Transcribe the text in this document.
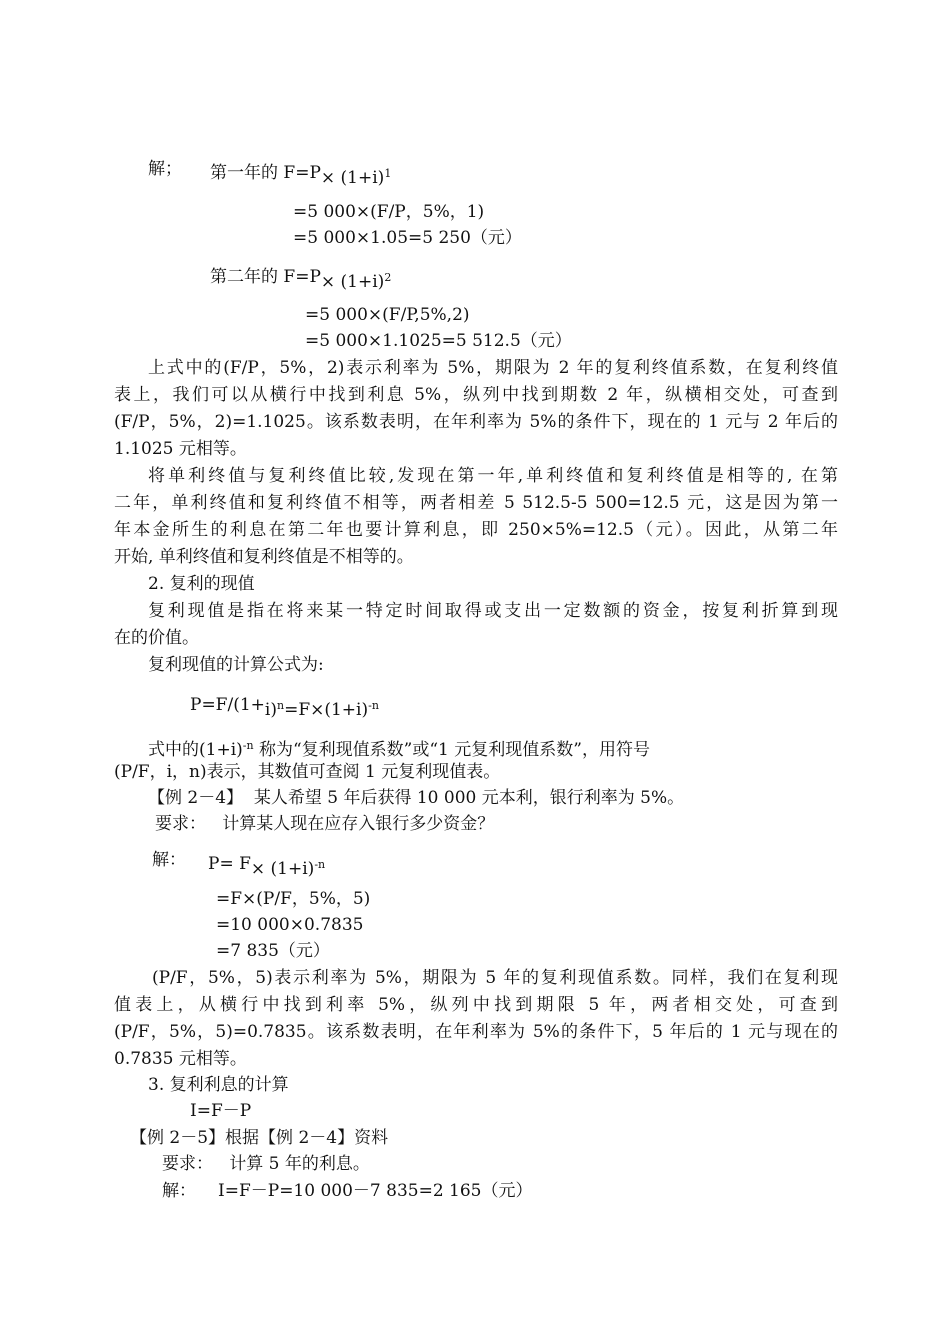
解； 第一年的 $F=P\times (1+i)^1$
=5 000×(F/P，5%，1)
=5 000×1.05=5 250（元）
第二年的 $F=P\times (1+i)^2$
=5 000×(F/P,5%,2)
=5 000×1.1025=5 512.5（元）
上式中的(F/P，5%，2)表示利率为 5%，期限为 2 年的复利终值系数，在复利终值
表上，我们可以从横行中找到利息 5%，纵列中找到期数 2 年，纵横相交处，可查到
(F/P，5%，2)=1.1025。该系数表明，在年利率为 5%的条件下，现在的 1 元与 2 年后的
1.1025 元相等。
将单利终值与复利终值比较,发现在第一年,单利终值和复利终值是相等的, 在第
二年，单利终值和复利终值不相等，两者相差 5 512.5-5 500=12.5 元，这是因为第一
年本金所生的利息在第二年也要计算利息，即 250×5%=12.5（元）。因此，从第二年
开始, 单利终值和复利终值是不相等的。
2. 复利的现值
复利现值是指在将来某一特定时间取得或支出一定数额的资金，按复利折算到现
在的价值。
复利现值的计算公式为:
$P=F/(1+i)^n=F\times(1+i)^{-n}$
式中的$(1+i)^{-n}$ 称为“复利现值系数”或“1 元复利现值系数”，用符号
(P/F，i，n)表示，其数值可查阅 1 元复利现值表。
【例 2－4】  某人希望 5 年后获得 10 000 元本利，银行利率为 5%。
要求：   计算某人现在应存入银行多少资金？
解： $P= F\times (1+i)^{-n}$
=F×(P/F，5%，5)
=10 000×0.7835
=7 835（元）
(P/F，5%，5)表示利率为 5%，期限为 5 年的复利现值系数。同样，我们在复利现
值表上，从横行中找到利率 5%，纵列中找到期限 5 年，两者相交处，可查到
(P/F，5%，5)=0.7835。该系数表明，在年利率为 5%的条件下，5 年后的 1 元与现在的
0.7835 元相等。
3. 复利利息的计算
I=F－P
【例 2－5】根据【例 2－4】资料
要求：   计算 5 年的利息。
解： I=F－P=10 000－7 835=2 165（元）
